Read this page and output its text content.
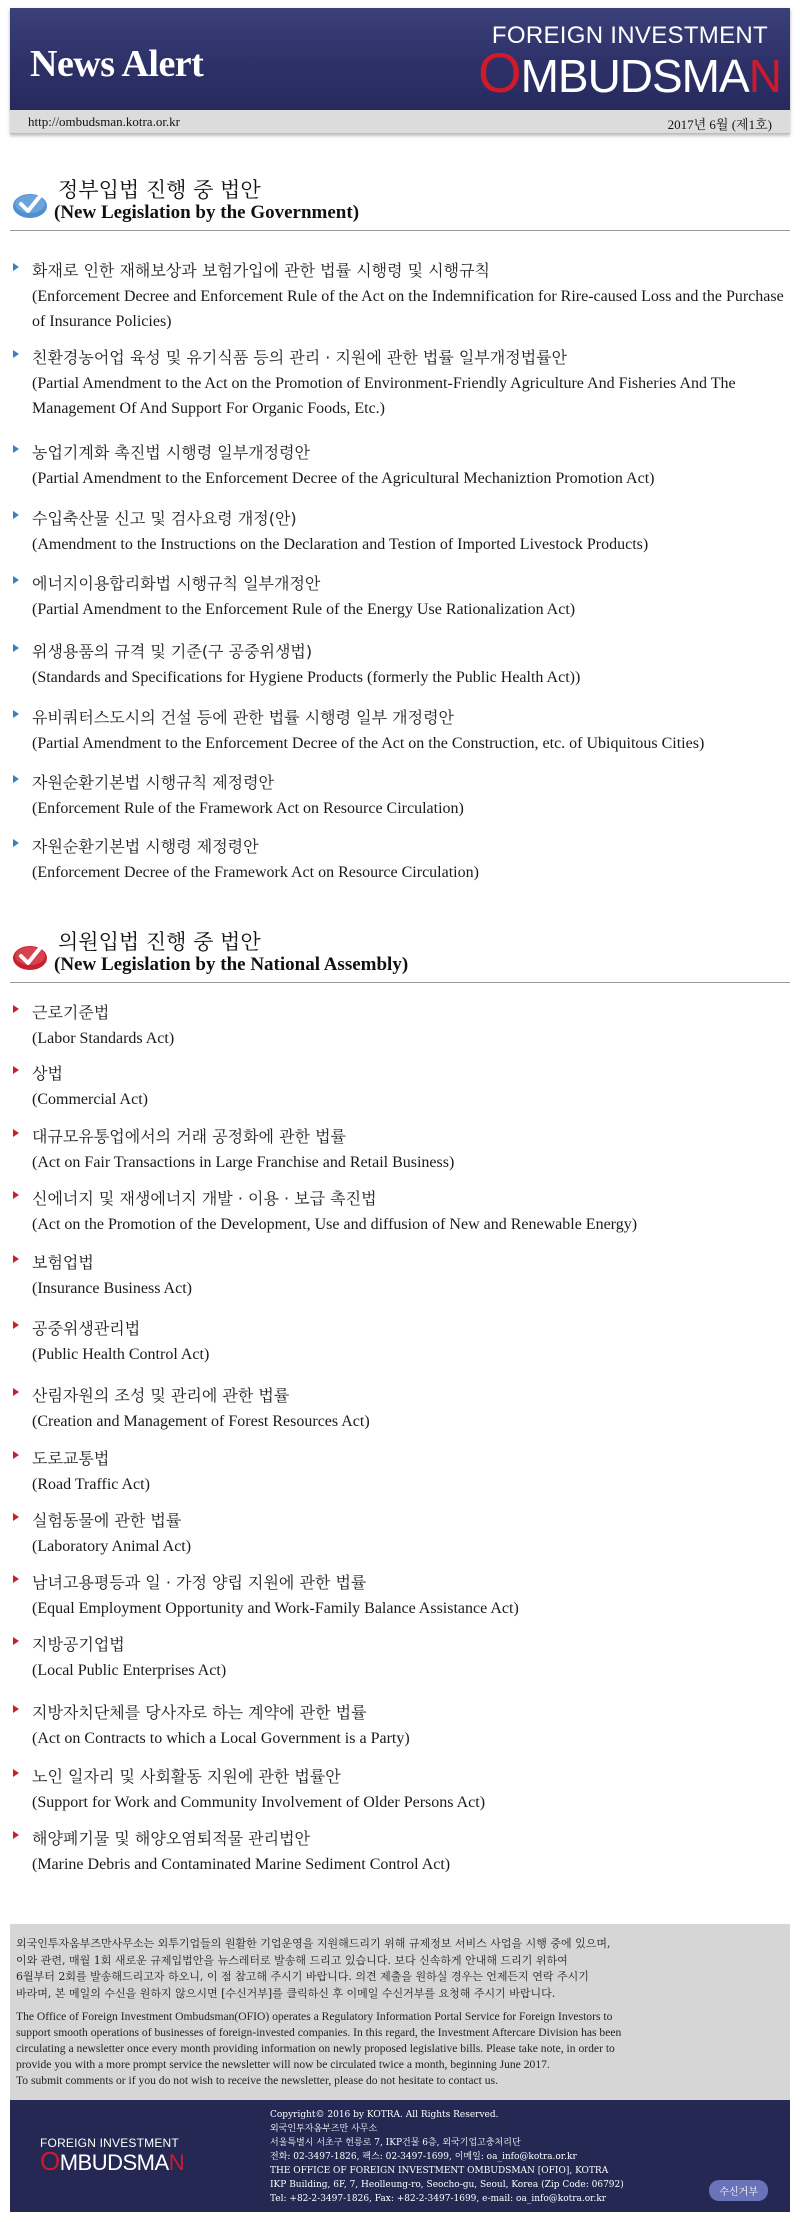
News Alert
FOREIGN INVESTMENT
OMBUDSMAN
http://ombudsman.kotra.or.kr	2017년 6월 (제1호)
정부입법 진행 중 법안
(New Legislation by the Government)
화재로 인한 재해보상과 보험가입에 관한 법률 시행령 및 시행규칙
(Enforcement Decree and Enforcement Rule of the Act on the Indemnification for Rire-caused Loss and the Purchase of Insurance Policies)
친환경농어업 육성 및 유기식품 등의 관리 · 지원에 관한 법률 일부개정법률안
(Partial Amendment to the Act on the Promotion of Environment-Friendly Agriculture And Fisheries And The Management Of And Support For Organic Foods, Etc.)
농업기계화 촉진법 시행령 일부개정령안
(Partial Amendment to the Enforcement Decree of the Agricultural Mechaniztion Promotion Act)
수입축산물 신고 및 검사요령 개정(안)
(Amendment to the Instructions on the Declaration and Testion of Imported Livestock Products)
에너지이용합리화법 시행규칙 일부개정안
(Partial Amendment to the Enforcement Rule of the Energy Use Rationalization Act)
위생용품의 규격 및 기준(구 공중위생법)
(Standards and Specifications for Hygiene Products (formerly the Public Health Act))
유비쿼터스도시의 건설 등에 관한 법률 시행령 일부 개정령안
(Partial Amendment to the Enforcement Decree of the Act on the Construction, etc. of Ubiquitous Cities)
자원순환기본법 시행규칙 제정령안
(Enforcement Rule of the Framework Act on Resource Circulation)
자원순환기본법 시행령 제정령안
(Enforcement Decree of the Framework Act on Resource Circulation)
의원입법 진행 중 법안
(New Legislation by the National Assembly)
근로기준법
(Labor Standards Act)
상법
(Commercial Act)
대규모유통업에서의 거래 공정화에 관한 법률
(Act on Fair Transactions in Large Franchise and Retail Business)
신에너지 및 재생에너지 개발 · 이용 · 보급 촉진법
(Act on the Promotion of the Development, Use and diffusion of New and Renewable Energy)
보험업법
(Insurance Business Act)
공중위생관리법
(Public Health Control Act)
산림자원의 조성 및 관리에 관한 법률
(Creation and Management of Forest Resources Act)
도로교통법
(Road Traffic Act)
실험동물에 관한 법률
(Laboratory Animal Act)
남녀고용평등과 일 · 가정 양립 지원에 관한 법률
(Equal Employment Opportunity and Work-Family Balance Assistance Act)
지방공기업법
(Local Public Enterprises Act)
지방자치단체를 당사자로 하는 계약에 관한 법률
(Act on Contracts to which a Local Government is a Party)
노인 일자리 및 사회활동 지원에 관한 법률안
(Support for Work and Community Involvement of Older Persons Act)
해양폐기물 및 해양오염퇴적물 관리법안
(Marine Debris and Contaminated Marine Sediment Control Act)

외국인투자옴부즈만사무소는 외투기업들의 원활한 기업운영을 지원해드리기 위해 규제정보 서비스 사업을 시행 중에 있으며,
이와 관련, 매월 1회 새로운 규제입법안을 뉴스레터로 발송해 드리고 있습니다. 보다 신속하게 안내해 드리기 위하여
6월부터 2회를 발송해드리고자 하오니, 이 점 참고해 주시기 바랍니다. 의견 제출을 원하실 경우는 언제든지 연락 주시기
바라며, 본 메일의 수신을 원하지 않으시면 [수신거부]를 클릭하신 후 이메일 수신거부를 요청해 주시기 바랍니다.

The Office of Foreign Investment Ombudsman(OFIO) operates a Regulatory Information Portal Service for Foreign Investors to
support smooth operations of businesses of foreign-invested companies. In this regard, the Investment Aftercare Division has been
circulating a newsletter once every month providing information on newly proposed legislative bills. Please take note, in order to
provide you with a more prompt service the newsletter will now be circulated twice a month, beginning June 2017.
To submit comments or if you do not wish to receive the newsletter, please do not hesitate to contact us.

FOREIGN INVESTMENT
OMBUDSMAN
Copyright© 2016 by KOTRA. All Rights Reserved.
외국인투자옴부즈만 사무소
서울특별시 서초구 헌릉로 7, IKP건물 6층, 외국기업고충처리단
전화: 02-3497-1826, 팩스: 02-3497-1699, 이메일: oa_info@kotra.or.kr
THE OFFICE OF FOREIGN INVESTMENT OMBUDSMAN [OFIO], KOTRA
IKP Building, 6F, 7, Heolleung-ro, Seocho-gu, Seoul, Korea (Zip Code: 06792)
Tel: +82-2-3497-1826, Fax: +82-2-3497-1699, e-mail: oa_info@kotra.or.kr
수신거부
